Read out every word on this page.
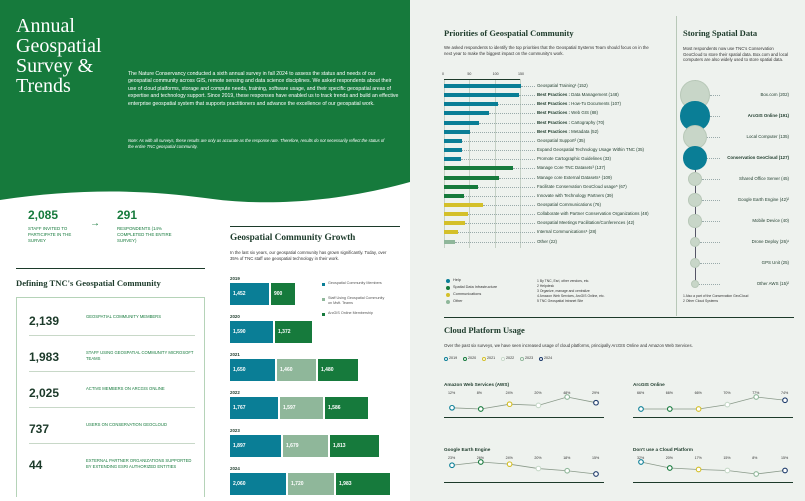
Annual Geospatial Survey & Trends
The Nature Conservancy conducted a sixth annual survey in fall 2024 to assess the status and needs of our geospatial community across GIS, remote sensing and data science disciplines. We asked respondents about their use of cloud platforms, storage and compute needs, training, software usage, and their specific geospatial areas of expertise and technology support. Since 2019, these responses have enabled us to track trends and build an effective enterprise geospatial system that supports practitioners and advance the excellence of our geospatial work.
Note: As with all surveys, these results are only as accurate as the response rate. Therefore, results do not necessarily reflect the status of the entire TNC geospatial community.
2,085
STAFF INVITED TO PARTICIPATE IN THE SURVEY
→
291
RESPONDENTS (14% COMPLETED THE ENTIRE SURVEY)
Defining TNC's Geospatial Community
2,139	GEOSPATIAL COMMUNITY MEMBERS
1,983	STAFF USING GEOSPATIAL COMMUNITY MICROSOFT TEAMS
2,025	ACTIVE MEMBERS ON ARCGIS ONLINE
737	USERS ON CONSERVATION GEOCLOUD
44	EXTERNAL PARTNER ORGANIZATIONS SUPPORTED BY EXTENDING ESRI AUTHORIZED ENTITIES
Geospatial Community Growth
In the last six years, our geospatial community has grown significantly. Today, over 35% of TNC staff use geospatial technology in their work.
Geospatial Community Members
Staff Using Geospatial Community on Msft. Teams
ArcGIS Online Membership
Priorities of Geospatial Community
We asked respondents to identify the top priorities that the Geospatial Systems Team should focus on in the next year to make the biggest impact on the community's work.
Help
Spatial Data Infrastructure
Communications
Other
1 By TNC, Esri, other vendors, etc.
2 Helpdesk
3 Organize, manage and centralize
4 Amazon Web Services, ArcGIS Online, etc.
5 TNC Geospatial Intranet Site
Storing Spatial Data
Most respondents now use TNC's Conservation GeoCloud to store their spatial data. Box.com and local computers are also widely used to store spatial data.
1 Also a part of the Conservation GeoCloud
2 Other Cloud Systems
Cloud Platform Usage
Over the past six surveys, we have seen increased usage of cloud platforms, principally ArcGIS Online and Amazon Web Services.
2019
1,452	900
2020
1,590	1,372
2021
1,650	1,460	1,480
2022
1,767	1,597	1,586
2023
1,897	1,679	1,813
2024
2,060	1,720	1,983
0	50	100	150
Geospatial Training¹ (152)
Best Practices : Data Management (148)
Best Practices : How-To Documents (107)
Best Practices : Web GIS (88)
Best Practices : Cartography (70)
Best Practices : Metadata (52)
Geospatial Support² (35)
Expand Geospatial Technology Usage Within TNC (35)
Promote Cartographic Guidelines (33)
Manage Core TNC Datasets³ (137)
Manage core External Datasets⁴ (109)
Facilitate Conservation GeoCloud usage⁵ (67)
Innovate with Technology Partners (39)
Geospatial Communications (76)
Collaborate with Partner Conservation Organizations (48)
Geospatial Meetings Facilitation/Conferences (42)
Internal Communications⁶ (28)
Other (22)
Box.com (202)
ArcGIS Online (191)
Local Computer (135)
Conservation GeoCloud (127)
Shared Office Server (45)
Google Earth Engine (42)²
Mobile Device (40)
Drone Deploy (26)¹
GPS Unit (25)
Other AWS (15)²
2019	2020	2021	2022	2023	2024
Amazon Web Services (AWS)
12%	8%	24%	20%	48%	29%
ArcGIS Online
66%	66%	66%	70%	77%	74%
Google Earth Engine
23%	26%	24%	20%	18%	15%
Don't use a Cloud Platform
32%	20%	17%	15%	8%	15%
